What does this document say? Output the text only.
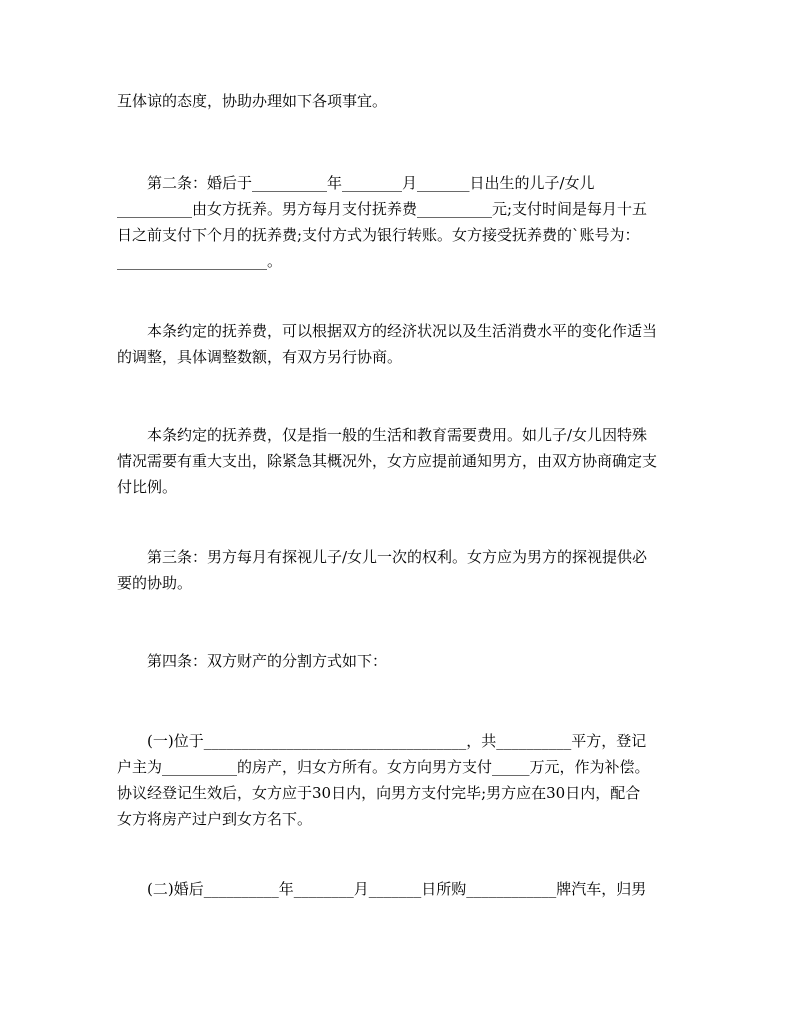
互体谅的态度，协助办理如下各项事宜。

第二条：婚后于__________年________月_______日出生的儿子/女儿
__________由女方抚养。男方每月支付抚养费__________元;支付时间是每月十五
日之前支付下个月的抚养费;支付方式为银行转账。女方接受抚养费的`账号为：
____________________。

本条约定的抚养费，可以根据双方的经济状况以及生活消费水平的变化作适当
的调整，具体调整数额，有双方另行协商。

本条约定的抚养费，仅是指一般的生活和教育需要费用。如儿子/女儿因特殊
情况需要有重大支出，除紧急其概况外，女方应提前通知男方，由双方协商确定支
付比例。

第三条：男方每月有探视儿子/女儿一次的权利。女方应为男方的探视提供必
要的协助。

第四条：双方财产的分割方式如下：

(一)位于___________________________________，共__________平方，登记
户主为__________的房产，归女方所有。女方向男方支付_____万元，作为补偿。
协议经登记生效后，女方应于30日内，向男方支付完毕;男方应在30日内，配合
女方将房产过户到女方名下。

(二)婚后__________年________月_______日所购____________牌汽车，归男
